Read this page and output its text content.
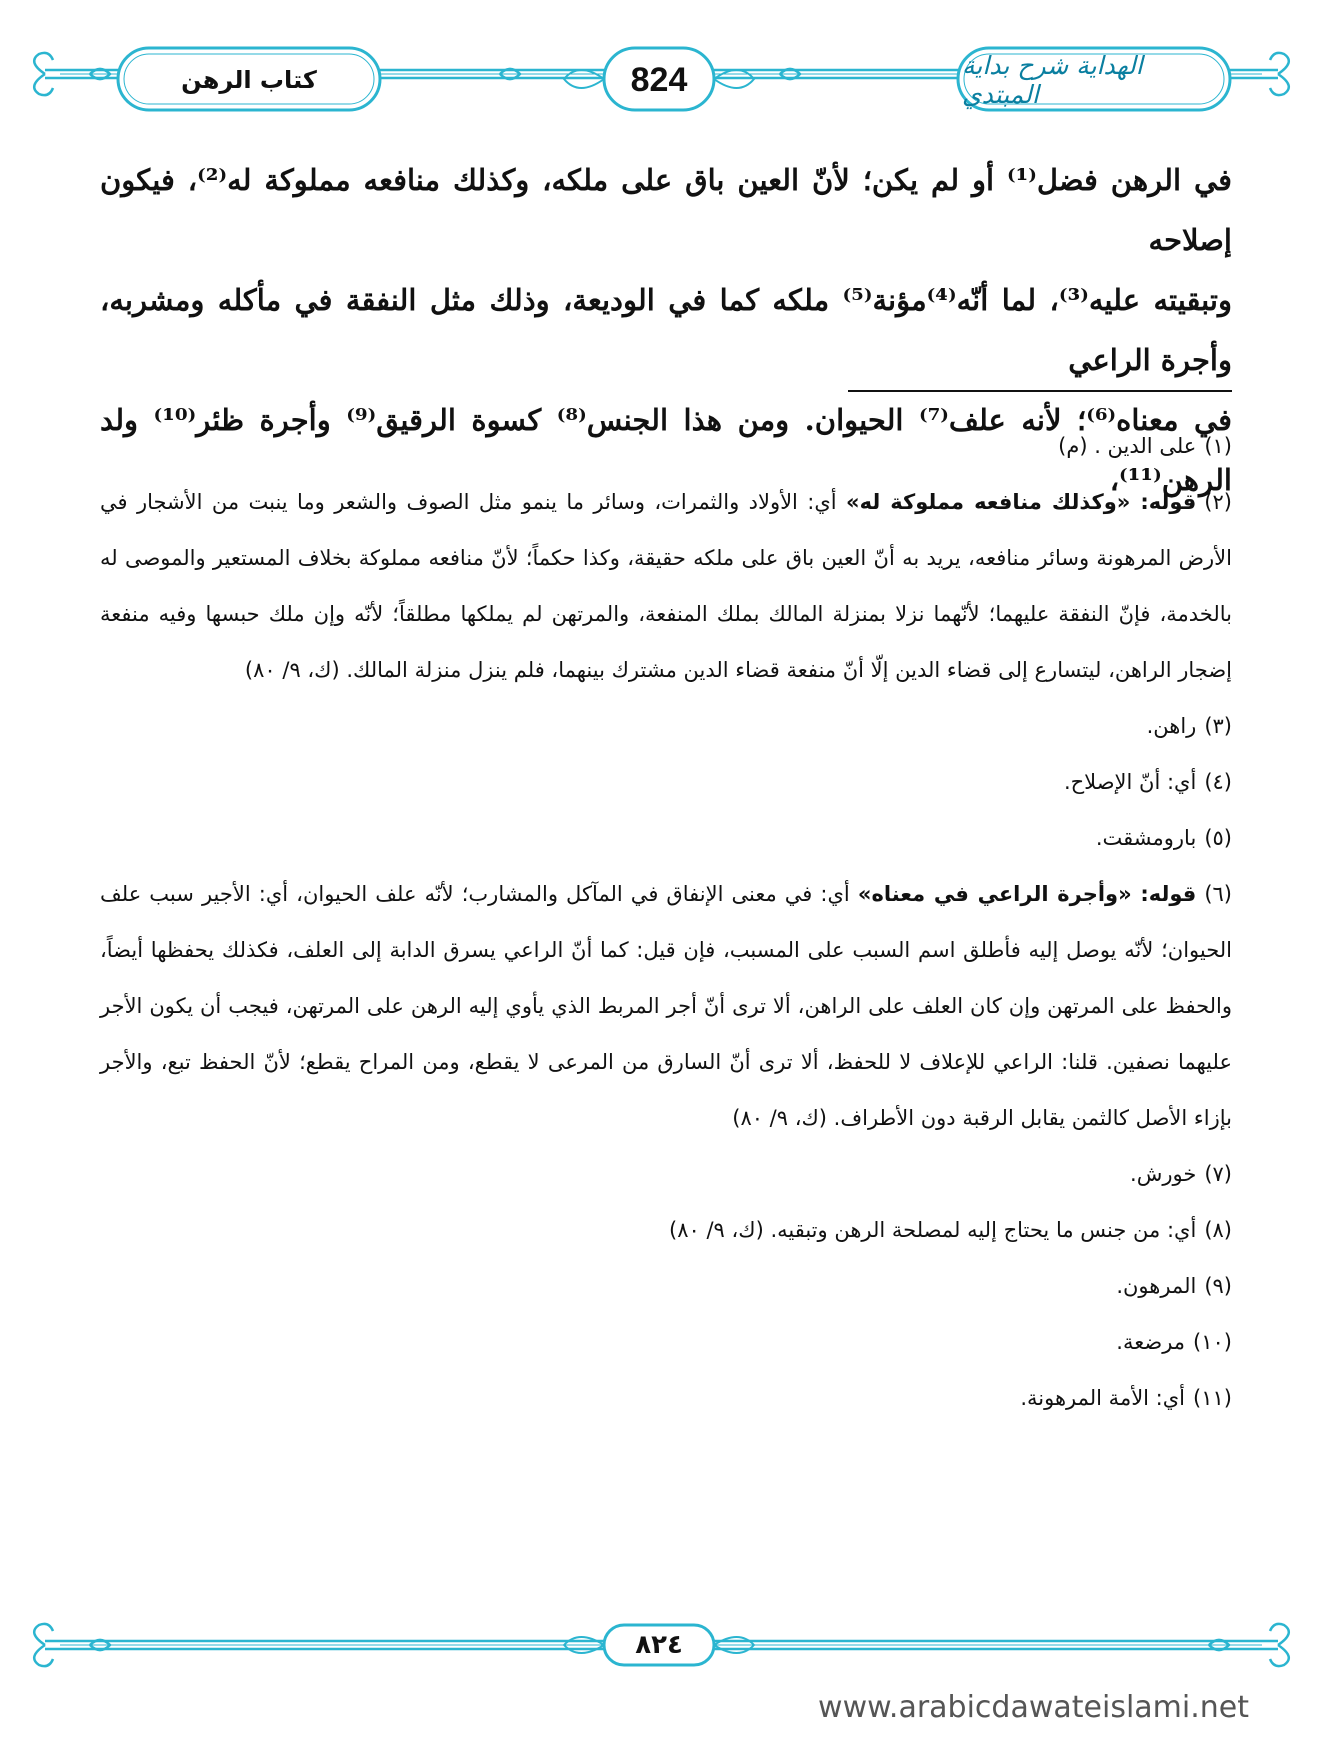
كتاب الرهن	824	الهداية شرح بداية المبتدي

في الرهن فضل⁽¹⁾ أو لم يكن؛ لأنّ العين باق على ملكه، وكذلك منافعه مملوكة له⁽²⁾، فيكون إصلاحه

وتبقيته عليه⁽³⁾، لما أنّه⁽⁴⁾مؤنة⁽⁵⁾ ملكه كما في الوديعة، وذلك مثل النفقة في مأكله ومشربه، وأجرة الراعي

في معناه⁽⁶⁾؛ لأنه علف⁽⁷⁾ الحيوان. ومن هذا الجنس⁽⁸⁾ كسوة الرقيق⁽⁹⁾ وأجرة ظئر⁽¹⁰⁾ ولد الرهن⁽¹¹⁾،

(١)على الدين . (م)
(٢)قوله: «وكذلك منافعه مملوكة له» أي: الأولاد والثمرات، وسائر ما ينمو مثل الصوف والشعر وما ينبت من الأشجار في الأرض المرهونة وسائر منافعه، يريد به أنّ العين باق على ملكه حقيقة، وكذا حكماً؛ لأنّ منافعه مملوكة بخلاف المستعير والموصى له بالخدمة، فإنّ النفقة عليهما؛ لأنّهما نزلا بمنزلة المالك بملك المنفعة، والمرتهن لم يملكها مطلقاً؛ لأنّه وإن ملك حبسها وفيه منفعة إضجار الراهن، ليتسارع إلى قضاء الدين إلّا أنّ منفعة قضاء الدين مشترك بينهما، فلم ينزل منزلة المالك. (ك، ٩/ ٨٠)
(٣)راهن.
(٤)أي: أنّ الإصلاح.
(٥)بارومشقت.
(٦)قوله: «وأجرة الراعي في معناه» أي: في معنى الإنفاق في المآكل والمشارب؛ لأنّه علف الحيوان، أي: الأجير سبب علف الحيوان؛ لأنّه يوصل إليه فأطلق اسم السبب على المسبب، فإن قيل: كما أنّ الراعي يسرق الدابة إلى العلف، فكذلك يحفظها أيضاً، والحفظ على المرتهن وإن كان العلف على الراهن، ألا ترى أنّ أجر المربط الذي يأوي إليه الرهن على المرتهن، فيجب أن يكون الأجر عليهما نصفين. قلنا: الراعي للإعلاف لا للحفظ، ألا ترى أنّ السارق من المرعى لا يقطع، ومن المراح يقطع؛ لأنّ الحفظ تبع، والأجر بإزاء الأصل كالثمن يقابل الرقبة دون الأطراف. (ك، ٩/ ٨٠)
(٧)خورش.
(٨)أي: من جنس ما يحتاج إليه لمصلحة الرهن وتبقيه. (ك، ٩/ ٨٠)
(٩)المرهون.
(١٠)مرضعة.
(١١)أي: الأمة المرهونة.
٨٢٤
www.arabicdawateislami.net
